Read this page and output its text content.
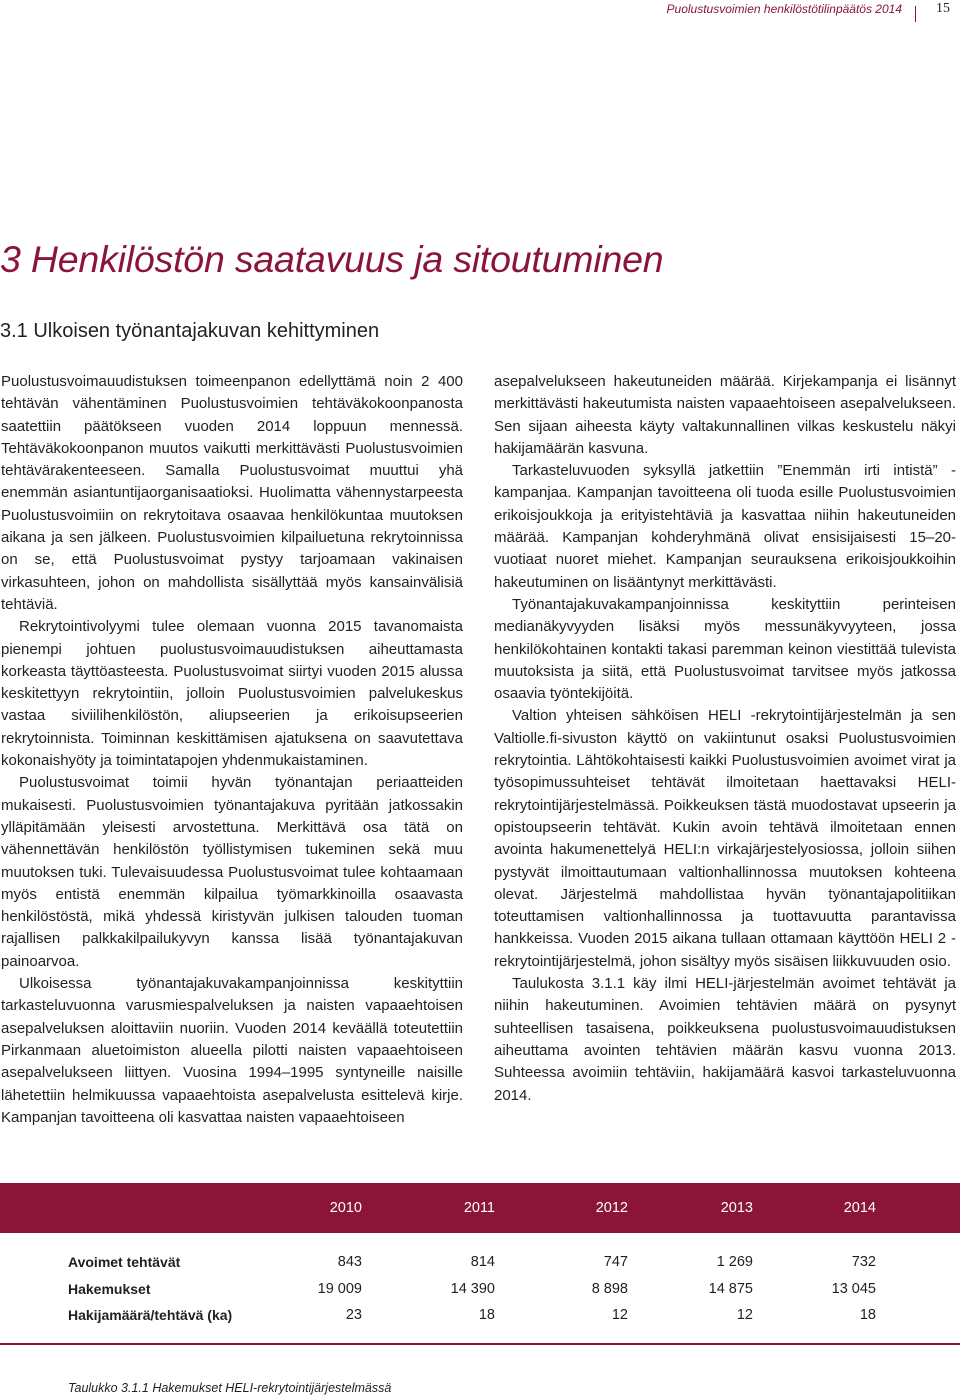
Puolustusvoimien henkilöstötilinpäätös 2014 15
3 Henkilöstön saatavuus ja sitoutuminen
3.1 Ulkoisen työnantajakuvan kehittyminen

Puolustusvoimauudistuksen toimeenpanon edellyttämä noin 2 400 tehtävän vähentäminen Puolustusvoimien tehtäväkokoonpanosta saatettiin päätökseen vuoden 2014 loppuun mennessä. Tehtäväkokoonpanon muutos vaikutti merkittävästi Puolustusvoimien tehtävärakenteeseen. Samalla Puolustusvoimat muuttui yhä enemmän asiantuntijaorganisaatioksi. Huolimatta vähennystarpeesta Puolustusvoimiin on rekrytoitava osaavaa henkilökuntaa muutoksen aikana ja sen jälkeen. Puolustusvoimien kilpailuetuna rekrytoinnissa on se, että Puolustusvoimat pystyy tarjoamaan vakinaisen virkasuhteen, johon on mahdollista sisällyttää myös kansainvälisiä tehtäviä.

Rekrytointivolyymi tulee olemaan vuonna 2015 tavanomaista pienempi johtuen puolustusvoimauudistuksen aiheuttamasta korkeasta täyttöasteesta. Puolustusvoimat siirtyi vuoden 2015 alussa keskitettyyn rekrytointiin, jolloin Puolustusvoimien palvelukeskus vastaa siviilihenkilöstön, aliupseerien ja erikoisupseerien rekrytoinnista. Toiminnan keskittämisen ajatuksena on saavutettava kokonaishyöty ja toimintatapojen yhdenmukaistaminen.

Puolustusvoimat toimii hyvän työnantajan periaatteiden mukaisesti. Puolustusvoimien työnantajakuva pyritään jatkossakin ylläpitämään yleisesti arvostettuna. Merkittävä osa tätä on vähennettävän henkilöstön työllistymisen tukeminen sekä muu muutoksen tuki. Tulevaisuudessa Puolustusvoimat tulee kohtaamaan myös entistä enemmän kilpailua työmarkkinoilla osaavasta henkilöstöstä, mikä yhdessä kiristyvän julkisen talouden tuoman rajallisen palkkakilpailukyvyn kanssa lisää työnantajakuvan painoarvoa.

Ulkoisessa työnantajakuvakampanjoinnissa keskityttiin tarkasteluvuonna varusmiespalveluksen ja naisten vapaaehtoisen asepalveluksen aloittaviin nuoriin. Vuoden 2014 keväällä toteutettiin Pirkanmaan aluetoimiston alueella pilotti naisten vapaaehtoiseen asepalvelukseen liittyen. Vuosina 1994–1995 syntyneille naisille lähetettiin helmikuussa vapaaehtoista asepalvelusta esittelevä kirje. Kampanjan tavoitteena oli kasvattaa naisten vapaaehtoiseen

asepalvelukseen hakeutuneiden määrää. Kirjekampanja ei lisännyt merkittävästi hakeutumista naisten vapaaehtoiseen asepalvelukseen. Sen sijaan aiheesta käyty valtakunnallinen vilkas keskustelu näkyi hakijamäärän kasvuna.

Tarkasteluvuoden syksyllä jatkettiin ”Enemmän irti intistä” -kampanjaa. Kampanjan tavoitteena oli tuoda esille Puolustusvoimien erikoisjoukkoja ja erityistehtäviä ja kasvattaa niihin hakeutuneiden määrää. Kampanjan kohderyhmänä olivat ensisijaisesti 15–20-vuotiaat nuoret miehet. Kampanjan seurauksena erikoisjoukkoihin hakeutuminen on lisääntynyt merkittävästi.

Työnantajakuvakampanjoinnissa keskityttiin perinteisen medianäkyvyyden lisäksi myös messunäkyvyyteen, jossa henkilökohtainen kontakti takasi paremman keinon viestittää tulevista muutoksista ja siitä, että Puolustusvoimat tarvitsee myös jatkossa osaavia työntekijöitä.

Valtion yhteisen sähköisen HELI -rekrytointijärjestelmän ja sen Valtiolle.fi-sivuston käyttö on vakiintunut osaksi Puolustusvoimien rekrytointia. Lähtökohtaisesti kaikki Puolustusvoimien avoimet virat ja työsopimussuhteiset tehtävät ilmoitetaan haettavaksi HELI-rekrytointijärjestelmässä. Poikkeuksen tästä muodostavat upseerin ja opistoupseerin tehtävät. Kukin avoin tehtävä ilmoitetaan ennen avointa hakumenettelyä HELI:n virkajärjestelyosiossa, jolloin siihen pystyvät ilmoittautumaan valtionhallinnossa muutoksen kohteena olevat. Järjestelmä mahdollistaa hyvän työnantajapolitiikan toteuttamisen valtionhallinnossa ja tuottavuutta parantavissa hankkeissa. Vuoden 2015 aikana tullaan ottamaan käyttöön HELI 2 -rekrytointijärjestelmä, johon sisältyy myös sisäisen liikkuvuuden osio.

Taulukosta 3.1.1 käy ilmi HELI-järjestelmän avoimet tehtävät ja niihin hakeutuminen. Avoimien tehtävien määrä on pysynyt suhteellisen tasaisena, poikkeuksena puolustusvoimauudistuksen aiheuttama avointen tehtävien määrän kasvu vuonna 2013. Suhteessa avoimiin tehtäviin, hakijamäärä kasvoi tarkasteluvuonna 2014.

2010	2011	2012	2013	2014
Avoimet tehtävät	843	814	747	1 269	732
Hakemukset	19 009	14 390	8 898	14 875	13 045
Hakijamäärä/tehtävä (ka)	23	18	12	12	18
Taulukko 3.1.1 Hakemukset HELI-rekrytointijärjestelmässä
